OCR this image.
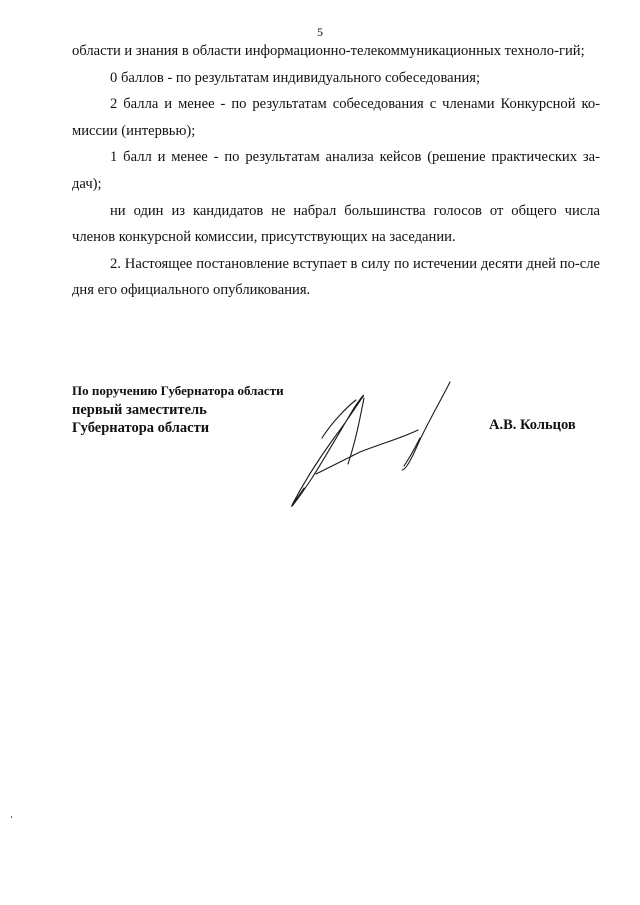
5

области и знания в области информационно-телекоммуникационных техноло-гий;

0 баллов - по результатам индивидуального собеседования;

2 балла и менее - по результатам собеседования с членами Конкурсной ко-миссии (интервью);

1 балл и менее - по результатам анализа кейсов (решение практических за-дач);

ни один из кандидатов не набрал большинства голосов от общего числа членов конкурсной комиссии, присутствующих на заседании.

2. Настоящее постановление вступает в силу по истечении десяти дней по-сле дня его официального опубликования.

По поручению Губернатора области
первый заместитель
Губернатора области	А.В. Кольцов
